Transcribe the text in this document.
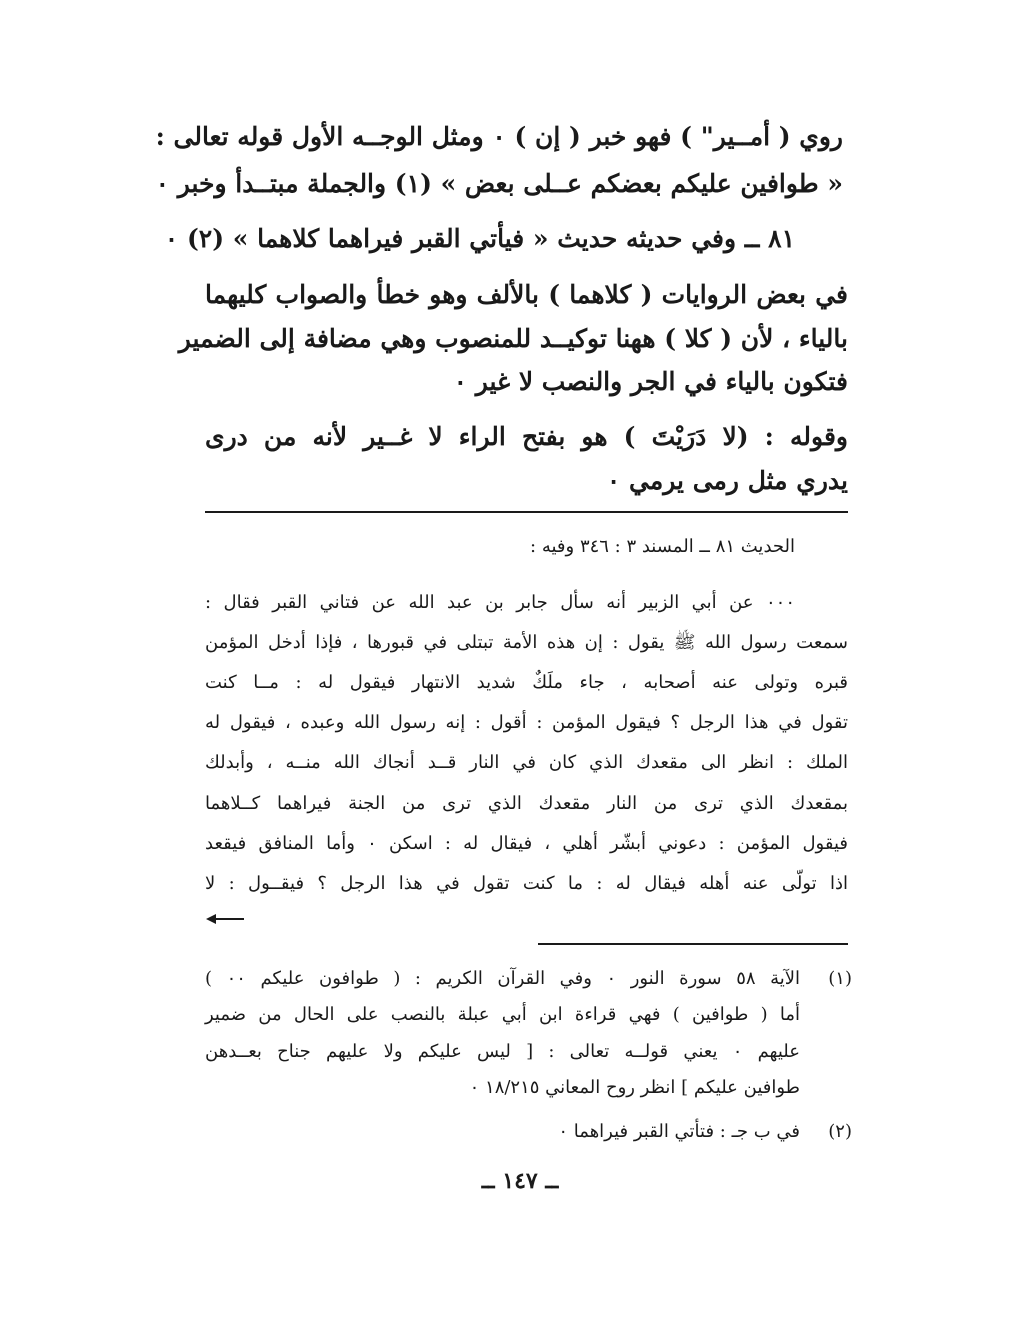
روي ( أمــير" ) فهو خبر ( إن ) ٠ ومثل الوجــه الأول قوله تعالى :
« طوافين عليكم بعضكم عــلى بعض » (١) والجملة مبتــدأ وخبر ٠
٨١ ــ وفي حديثه حديث « فيأتي القبر فيراهما كلاهما » (٢) ٠
في بعض الروايات ( كلاهما ) بالألف وهو خطأ والصواب كليهما
بالياء ، لأن ( كلا ) ههنا توكيــد للمنصوب وهي مضافة إلى الضمير
فتكون بالياء في الجر والنصب لا غير ٠
وقوله : (لا دَرَيْتَ ) هو بفتح الراء لا غــير لأنه من درى
يدري مثل رمى يرمي ٠
الحديث ٨١ ــ المسند ٣ : ٣٤٦ وفيه :
٠٠٠ عن أبي الزبير أنه سأل جابر بن عبد الله عن فتاني القبر فقال :
سمعت رسول الله ﷺ يقول : إن هذه الأمة تبتلى في قبورها ، فإذا أدخل المؤمن
قبره وتولى عنه أصحابه ، جاء ملَكٌ شديد الانتهار فيقول له : مــا كنت
تقول في هذا الرجل ؟ فيقول المؤمن : أقول : إنه رسول الله وعبده ، فيقول له
الملك : انظر الى مقعدك الذي كان في النار قــد أنجاك الله منــه ، وأبدلك
بمقعدك الذي ترى من النار مقعدك الذي ترى من الجنة فيراهما كــلاهما
فيقول المؤمن : دعوني أبشّر أهلي ، فيقال له : اسكن ٠ وأما المنافق فيقعد
اذا تولّى عنه أهله فيقال له : ما كنت تقول في هذا الرجل ؟ فيقــول : لا
(١)
الآية ٥٨ سورة النور ٠ وفي القرآن الكريم : ( طوافون عليكم ٠٠ )
أما ( طوافين ) فهي قراءة ابن أبي عبلة بالنصب على الحال من ضمير
عليهم ٠ يعني قولــه تعالى : [ ليس عليكم ولا عليهم جناح بعــدهن
طوافين عليكم ] انظر روح المعاني ١٨/٢١٥ ٠
(٢)
في ب جـ : فتأتي القبر فيراهما ٠
ــ ١٤٧ ــ
